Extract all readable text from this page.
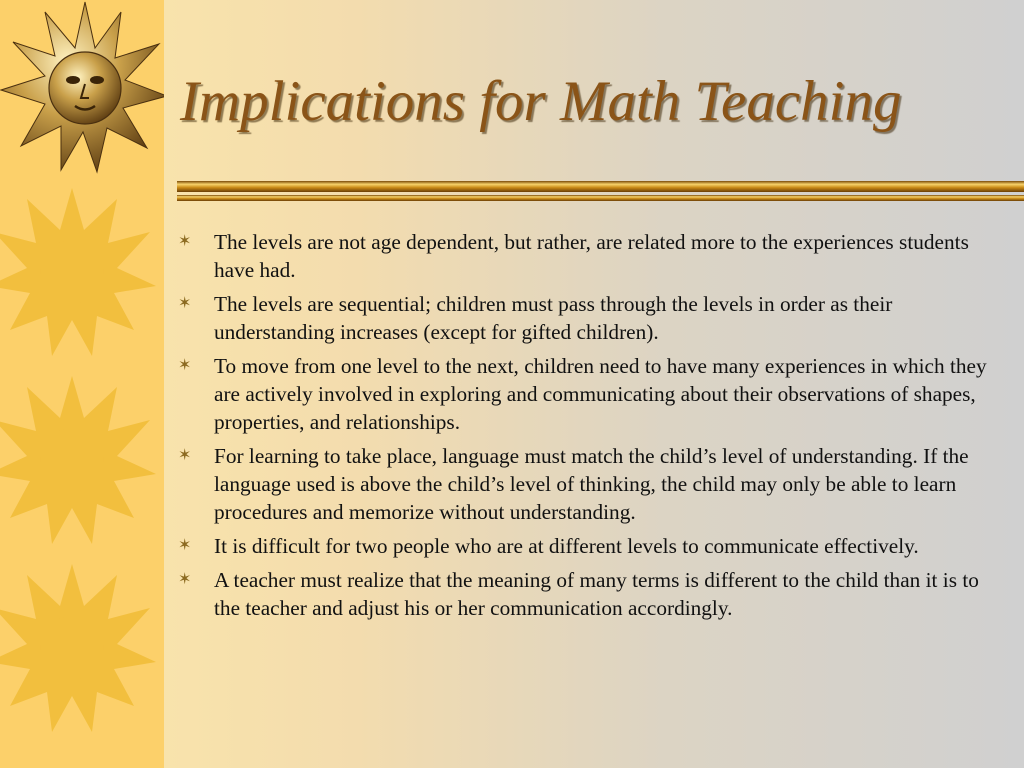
Implications for Math Teaching
✶ The levels are not age dependent, but rather, are related more to the experiences students have had.
✶ The levels are sequential; children must pass through the levels in order as their understanding increases (except for gifted children).
✶ To move from one level to the next, children need to have many experiences in which they are actively involved in exploring and communicating about their observations of shapes, properties, and relationships.
✶ For learning to take place, language must match the child’s level of understanding. If the language used is above the child’s level of thinking, the child may only be able to learn procedures and memorize without understanding.
✶ It is difficult for two people who are at different levels to communicate effectively.
✶ A teacher must realize that the meaning of many terms is different to the child than it is to the teacher and adjust his or her communication accordingly.
